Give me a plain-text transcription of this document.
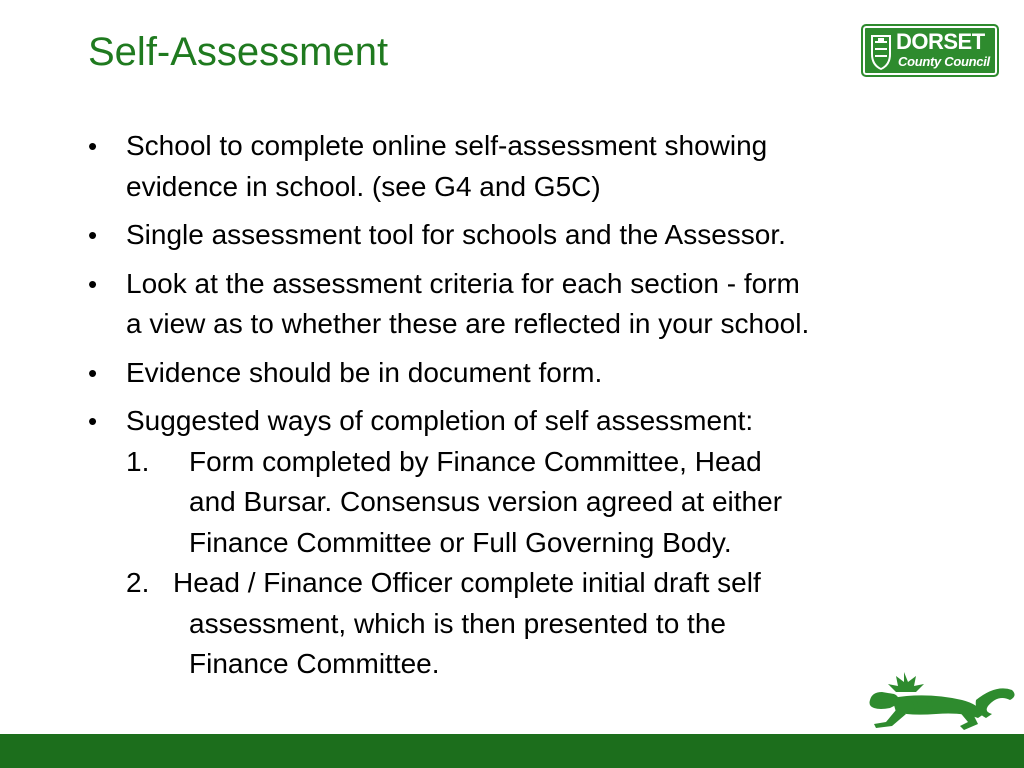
Self-Assessment	DORSET
County Council
•	School to complete online self-assessment showing
evidence in school. (see G4 and G5C)
•	Single assessment tool for schools and the Assessor.
•	Look at the assessment criteria for each section - form
a view as to whether these are reflected in your school.
•	Evidence should be in document form.
•	Suggested ways of completion of self assessment:
1. Form completed by Finance Committee, Head
and Bursar. Consensus version agreed at either
Finance Committee or Full Governing Body.
2. Head / Finance Officer complete initial draft self
assessment, which is then presented to the
Finance Committee.
